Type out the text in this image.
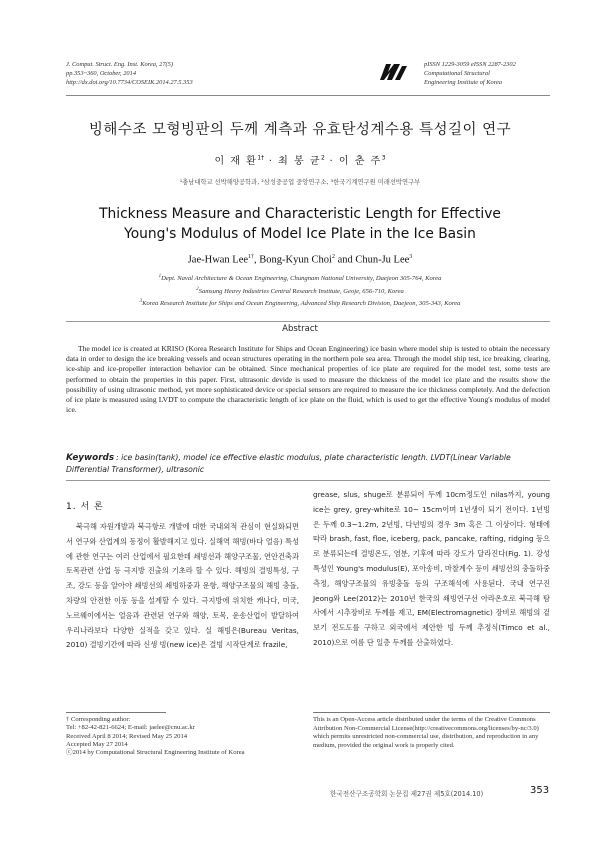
J. Comput. Struct. Eng. Inst. Korea, 27(5)
pp.353~360, October, 2014
http://dx.doi.org/10.7734/COSEIK.2014.27.5.353
pISSN 1229-3059 eISSN 2287-2302
Computational Structural
Engineering Institute of Korea
빙해수조 모형빙판의 두께 계측과 유효탄성계수용 특성길이 연구
이 재 환$^{1\dagger}$ · 최 봉 균$^2$ · 이 춘 주$^3$
¹충남대학교 선박해양공학과, ²삼성중공업 중앙연구소, ³한국기계연구원 미래선박연구부
Thickness Measure and Characteristic Length for Effective
Young's Modulus of Model Ice Plate in the Ice Basin
Jae-Hwan Lee$^{1\dagger}$, Bong-Kyun Choi$^2$ and Chun-Ju Lee$^3$
$^1$Dept. Naval Architecture & Ocean Engineering, Chungnam National University, Daejeon 305-764, Korea
$^2$Samsung Heavy Industries Central Research Institute, Geoje, 656-710, Korea
$^3$Korea Research Institute for Ships and Ocean Engineering, Advanced Ship Research Division, Daejeon, 305-343, Korea
Abstract
The model ice is created at KRISO (Korea Research Institute for Ships and Ocean Engineering) ice basin where model ship is tested to obtain the necessary data in order to design the ice breaking vessels and ocean structures operating in the northern pole sea area. Through the model ship test, ice breaking, clearing, ice-ship and ice-propeller interaction behavior can be obtained. Since mechanical properties of ice plate are required for the model test, some tests are performed to obtain the properties in this paper. First, ultrasonic devide is used to measure the thickness of the model ice plate and the results show the possibility of using ultrasonic method, yet more sophisticated device or special sensors are required to measure the ice thickness completely. And the defection of ice plate is measured using LVDT to compute the characteristic length of ice plate on the fluid, which is used to get the effective Young's modulus of model ice.
Keywords : ice basin(tank), model ice effective elastic modulus, plate characteristic length. LVDT(Linear Variable Differential Transformer), ultrasonic
1. 서 론
북극해 자원개발과 북극항로 개발에 대한 국내외적 관심이 현실화되면서 연구와 산업계의 동정이 활발해지고 있다. 실해역 해빙(바다 얼음) 특성에 관한 연구는 여러 산업에서 필요한데 쇄빙선과 해양구조물, 연안건축과 토목관련 산업 등 극지방 진출의 기초라 할 수 있다. 해빙의 결빙특성, 구조, 강도 등을 알아야 쇄빙선의 쇄빙하중과 운항, 해양구조물의 해빙 충돌, 차량의 안전한 이동 등을 설계할 수 있다. 극지방에 위치한 캐나다, 미국, 노르웨이에서는 얼음과 관련된 연구와 해양, 토목, 운송산업이 발달하여 우리나라보다 다양한 실적을 갖고 있다. 실 해빙은(Bureau Veritas, 2010) 결빙기간에 따라 신생 빙(new ice)은 결빙 시작단계로 frazile,
grease, slus, shuge로 분류되어 두께 10cm정도인 nilas까지, young ice는 grey, grey-white로 10~ 15cm이며 1년생이 되기 전이다. 1년빙은 두께 0.3~1.2m, 2년빙, 다년빙의 경우 3m 혹은 그 이상이다. 형태에 따라 brash, fast, floe, iceberg, pack, pancake, rafting, ridging 등으로 분류되는데 결빙온도, 염분, 기후에 따라 강도가 달라진다(Fig. 1). 강성특성인 Young's modulus(E), 포아송비, 마찰계수 등이 쇄빙선의 충돌하중 측정, 해양구조물의 유빙충돌 등의 구조해석에 사용된다. 국내 연구진 Jeong와 Lee(2012)는 2010년 한국의 쇄빙연구선 아라온호로 북극해 탐사에서 시추장비로 두께를 재고, EM(Electromagnetic) 장비로 해빙의 겉보기 전도도를 구하고 외국에서 제안한 빙 두께 추정식(Timco et al., 2010)으로 여름 단 일층 두께를 산출하였다.
† Corresponding author:
Tel: +82-42-821-6624; E-mail: jaelee@cnu.ac.kr
Received April 8 2014; Revised May 25 2014
Accepted May 27 2014
ⓒ2014 by Computational Structural Engineering Institute of Korea
This is an Open-Access article distributed under the terms of the Creative Commons Attribution Non-Commercial License(http://creativecommons.org/licenses/by-nc/3.0) which permits unrestricted non-commercial use, distribution, and reproduction in any medium, provided the original work is properly cited.
한국전산구조공학회 논문집 제27권 제5호(2014.10)	353
